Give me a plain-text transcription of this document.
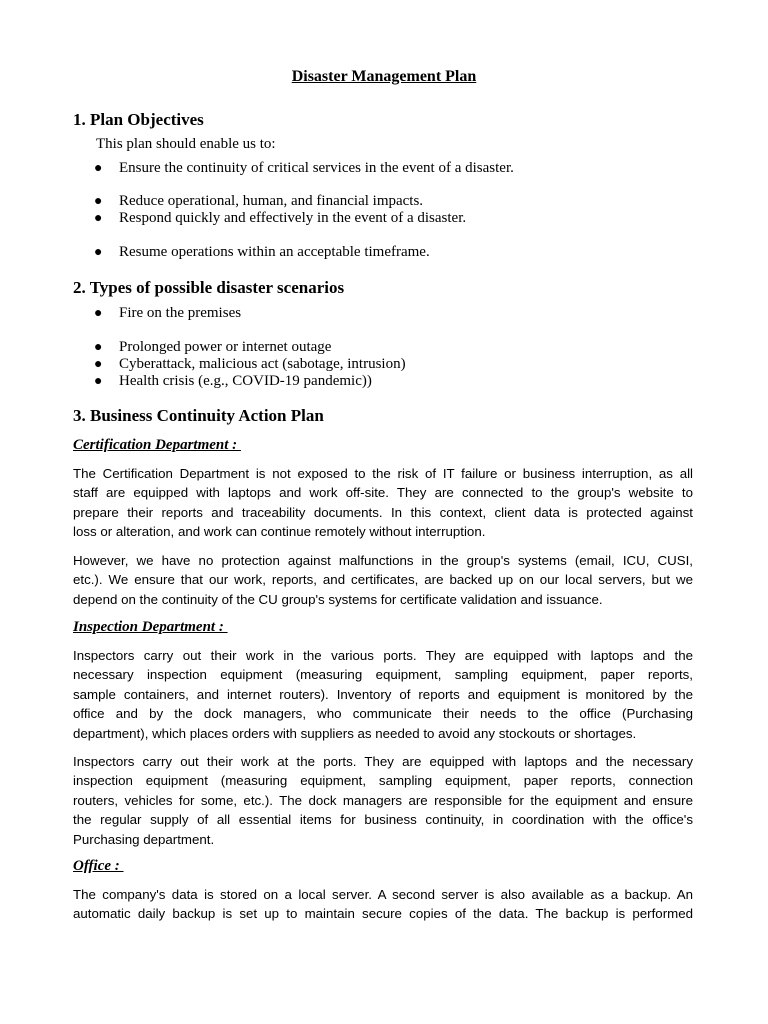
Disaster Management Plan
1. Plan Objectives
This plan should enable us to:
●	Ensure the continuity of critical services in the event of a disaster.
●	Reduce operational, human, and financial impacts.
●	Respond quickly and effectively in the event of a disaster.
●	Resume operations within an acceptable timeframe.
2. Types of possible disaster scenarios
●	Fire on the premises
●	Prolonged power or internet outage
●	Cyberattack, malicious act (sabotage, intrusion)
●	Health crisis (e.g., COVID-19 pandemic))
3. Business Continuity Action Plan
Certification Department :
The Certification Department is not exposed to the risk of IT failure or business interruption, as all
staff are equipped with laptops and work off-site. They are connected to the group's website to
prepare their reports and traceability documents. In this context, client data is protected against
loss or alteration, and work can continue remotely without interruption.
However, we have no protection against malfunctions in the group's systems (email, ICU, CUSI,
etc.). We ensure that our work, reports, and certificates, are backed up on our local servers, but we
depend on the continuity of the CU group's systems for certificate validation and issuance.
Inspection Department :
Inspectors carry out their work in the various ports. They are equipped with laptops and the
necessary inspection equipment (measuring equipment, sampling equipment, paper reports,
sample containers, and internet routers). Inventory of reports and equipment is monitored by the
office and by the dock managers, who communicate their needs to the office (Purchasing
department), which places orders with suppliers as needed to avoid any stockouts or shortages.
Inspectors carry out their work at the ports. They are equipped with laptops and the necessary
inspection equipment (measuring equipment, sampling equipment, paper reports, connection
routers, vehicles for some, etc.). The dock managers are responsible for the equipment and ensure
the regular supply of all essential items for business continuity, in coordination with the office's
Purchasing department.
Office :
The company's data is stored on a local server. A second server is also available as a backup. An
automatic daily backup is set up to maintain secure copies of the data. The backup is performed
